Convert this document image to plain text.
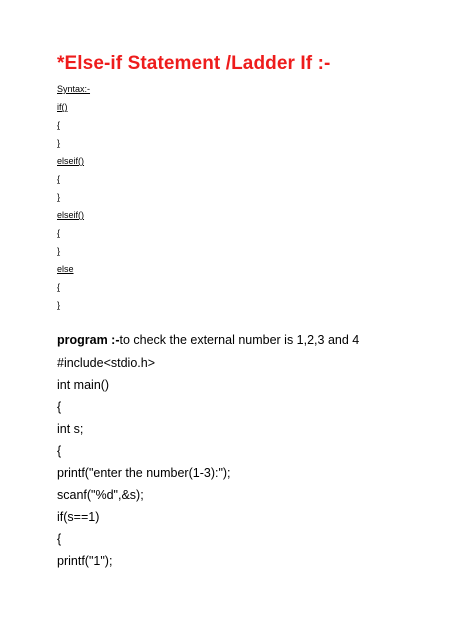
*Else-if Statement /Ladder If :-
Syntax:-
if()
{
}
elseif()
{
}
elseif()
{
}
else
{
}
program :-to check the external number is 1,2,3 and 4
#include<stdio.h>
int main()
{
int s;
{
printf("enter the number(1-3):");
scanf("%d",&s);
if(s==1)
{
printf("1");
